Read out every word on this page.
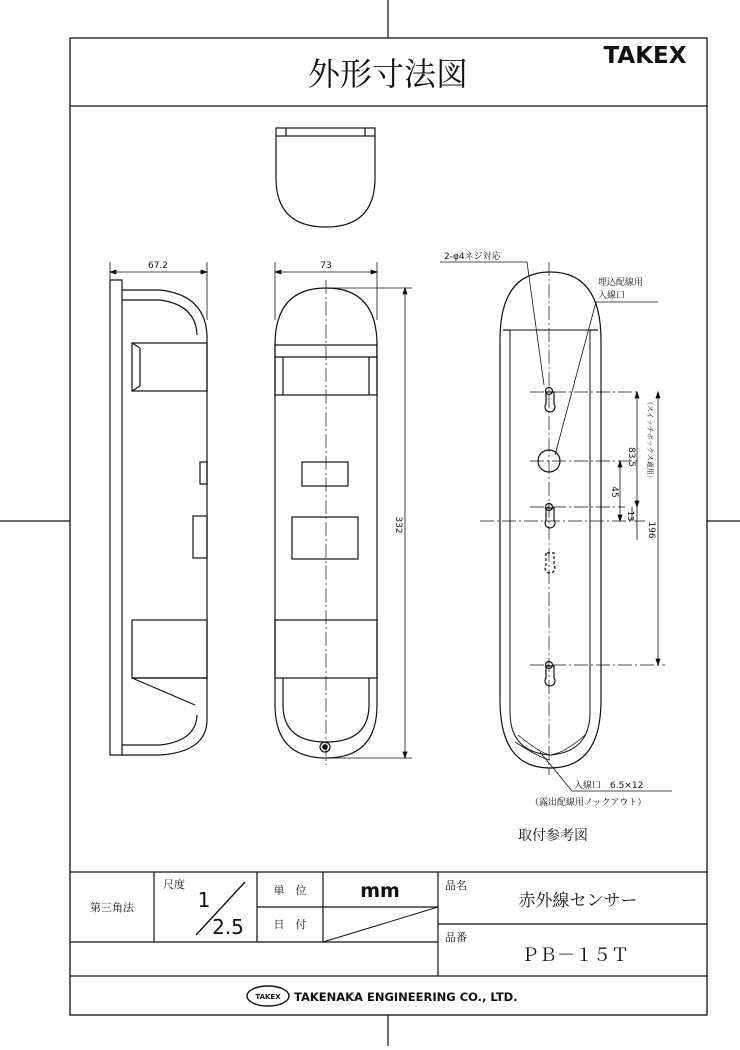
外形寸法図	TAKEX
67.2	73
332
2-φ4ネジ対応
埋込配線用
入線口
83.5 （スイッチボックス適用）
45
13
196
入線口　6.5×12
（露出配線用ノックアウト）
取付参考図
第三角法
尺度
1
2.5
単　位	mm
日　付
品名
赤外線センサー
品番
ＰＢ－１５Ｔ
TAKEX TAKENAKA ENGINEERING CO., LTD.
